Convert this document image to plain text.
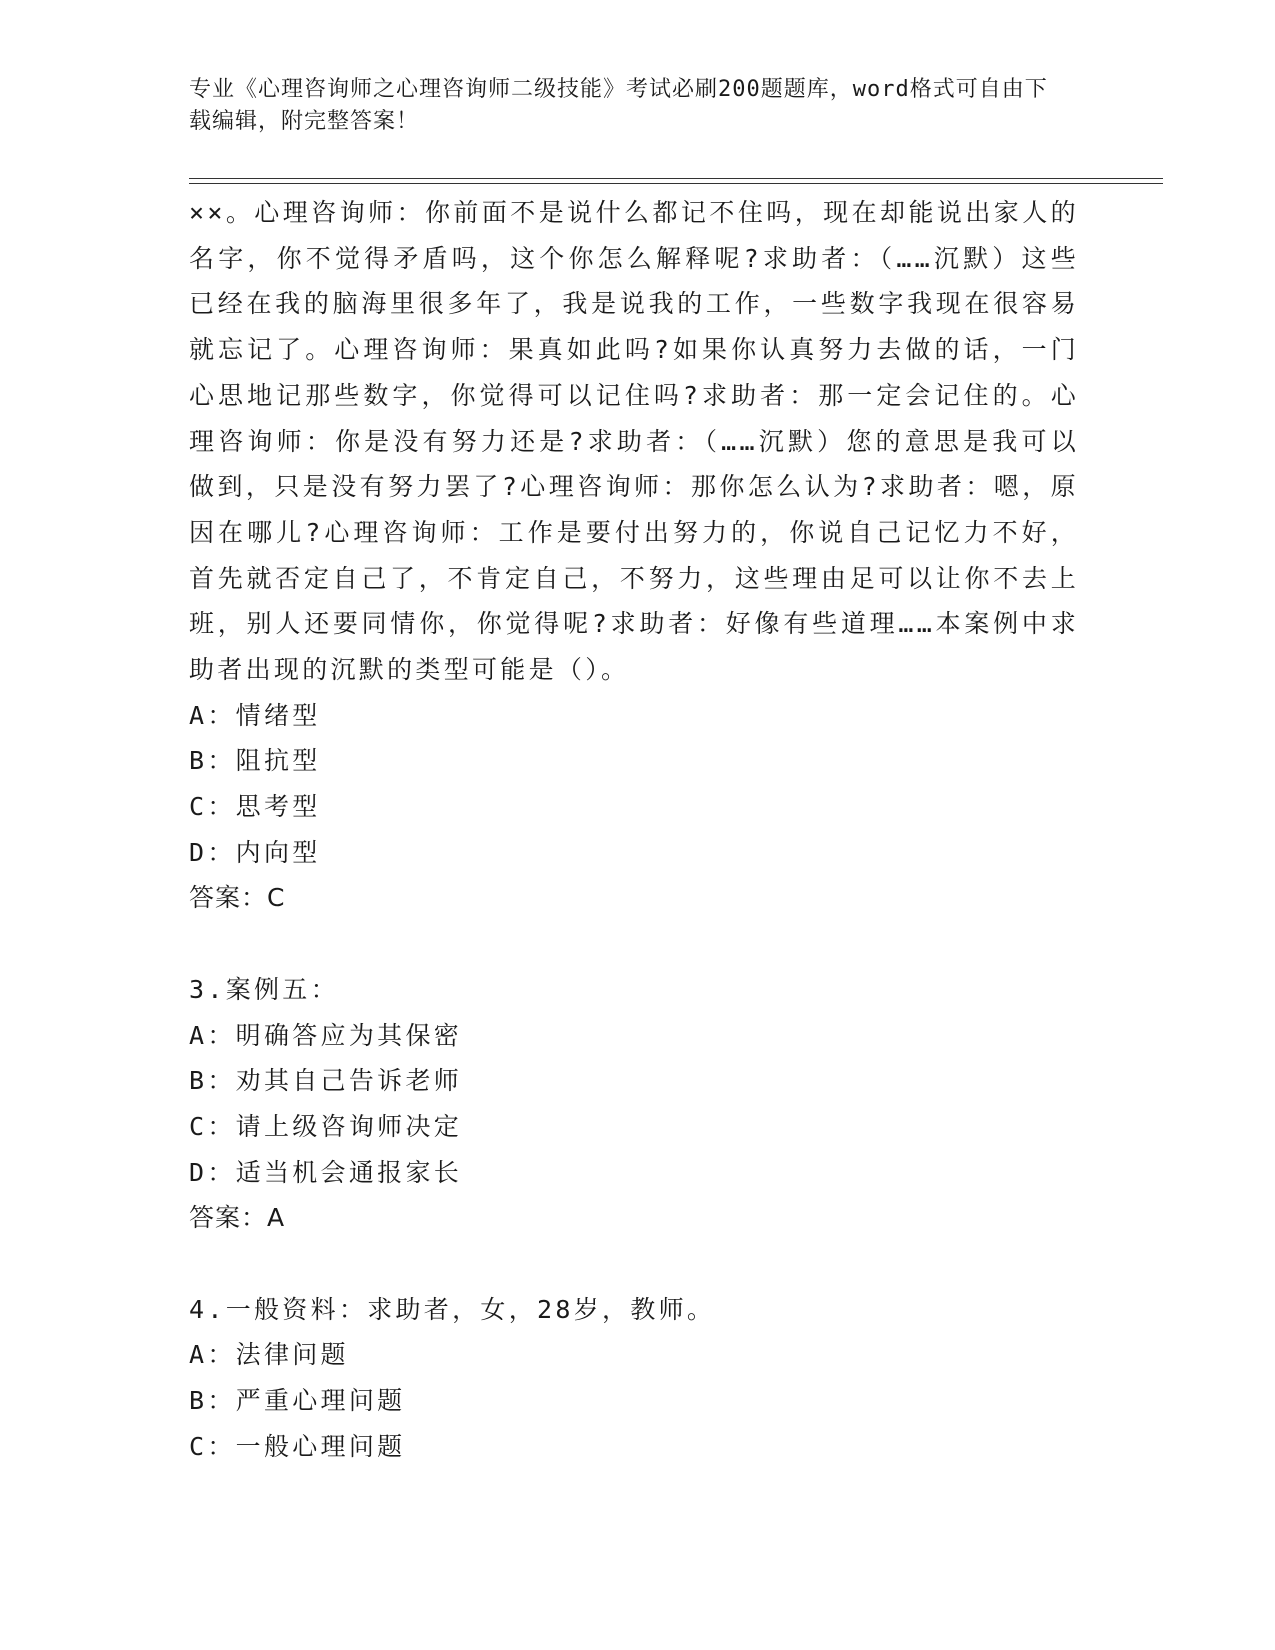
专业《心理咨询师之心理咨询师二级技能》考试必刷200题题库，word格式可自由下载编辑，附完整答案！

××。心理咨询师：你前面不是说什么都记不住吗，现在却能说出家人的名字，你不觉得矛盾吗，这个你怎么解释呢?求助者：（……沉默）这些已经在我的脑海里很多年了，我是说我的工作，一些数字我现在很容易就忘记了。心理咨询师：果真如此吗?如果你认真努力去做的话，一门心思地记那些数字，你觉得可以记住吗?求助者：那一定会记住的。心理咨询师：你是没有努力还是?求助者：（……沉默）您的意思是我可以做到，只是没有努力罢了?心理咨询师：那你怎么认为?求助者：嗯，原因在哪儿?心理咨询师：工作是要付出努力的，你说自己记忆力不好，首先就否定自己了，不肯定自己，不努力，这些理由足可以让你不去上班，别人还要同情你，你觉得呢?求助者：好像有些道理……本案例中求助者出现的沉默的类型可能是（）。

A：情绪型
B：阻抗型
C：思考型
D：内向型
答案：C
3.案例五：
A：明确答应为其保密
B：劝其自己告诉老师
C：请上级咨询师决定
D：适当机会通报家长
答案：A
4.一般资料：求助者，女，28岁，教师。
A：法律问题
B：严重心理问题
C：一般心理问题
